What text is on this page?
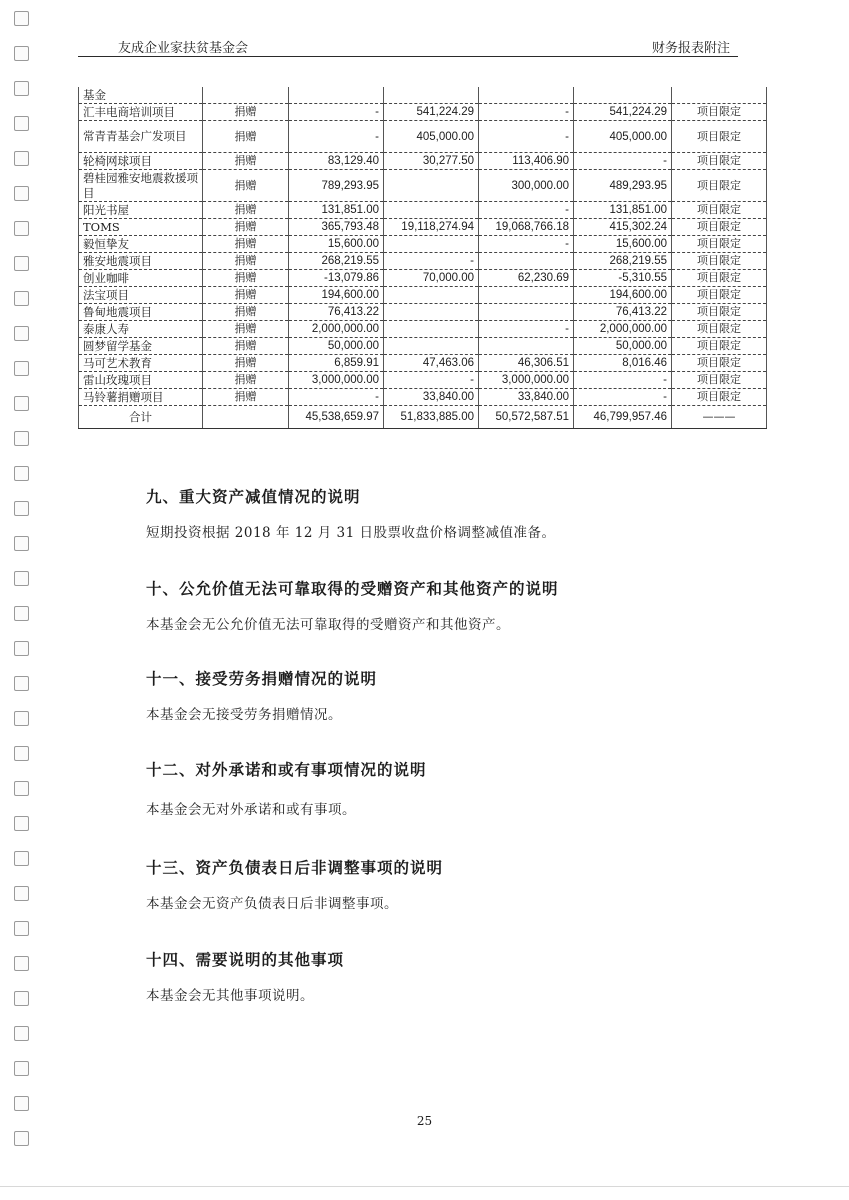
友成企业家扶贫基金会	财务报表附注
基金						
汇丰电商培训项目	捐赠	-	541,224.29	-	541,224.29	项目限定
常青青基会广发项目	捐赠	-	405,000.00	-	405,000.00	项目限定
轮椅网球项目	捐赠	83,129.40	30,277.50	113,406.90	-	项目限定
碧桂园雅安地震救援项目	捐赠	789,293.95		300,000.00	489,293.95	项目限定
阳光书屋	捐赠	131,851.00		-	131,851.00	项目限定
TOMS	捐赠	365,793.48	19,118,274.94	19,068,766.18	415,302.24	项目限定
毅恒挚友	捐赠	15,600.00		-	15,600.00	项目限定
雅安地震项目	捐赠	268,219.55	-		268,219.55	项目限定
创业咖啡	捐赠	-13,079.86	70,000.00	62,230.69	-5,310.55	项目限定
法宝项目	捐赠	194,600.00			194,600.00	项目限定
鲁甸地震项目	捐赠	76,413.22			76,413.22	项目限定
泰康人寿	捐赠	2,000,000.00		-	2,000,000.00	项目限定
圆梦留学基金	捐赠	50,000.00			50,000.00	项目限定
马可艺术教育	捐赠	6,859.91	47,463.06	46,306.51	8,016.46	项目限定
雷山玫瑰项目	捐赠	3,000,000.00	-	3,000,000.00	-	项目限定
马铃薯捐赠项目	捐赠	-	33,840.00	33,840.00	-	项目限定
合计		45,538,659.97	51,833,885.00	50,572,587.51	46,799,957.46	———
九、重大资产减值情况的说明

短期投资根据 2018 年 12 月 31 日股票收盘价格调整减值准备。

十、公允价值无法可靠取得的受赠资产和其他资产的说明

本基金会无公允价值无法可靠取得的受赠资产和其他资产。

十一、接受劳务捐赠情况的说明

本基金会无接受劳务捐赠情况。

十二、对外承诺和或有事项情况的说明

本基金会无对外承诺和或有事项。

十三、资产负债表日后非调整事项的说明

本基金会无资产负债表日后非调整事项。

十四、需要说明的其他事项

本基金会无其他事项说明。

25
